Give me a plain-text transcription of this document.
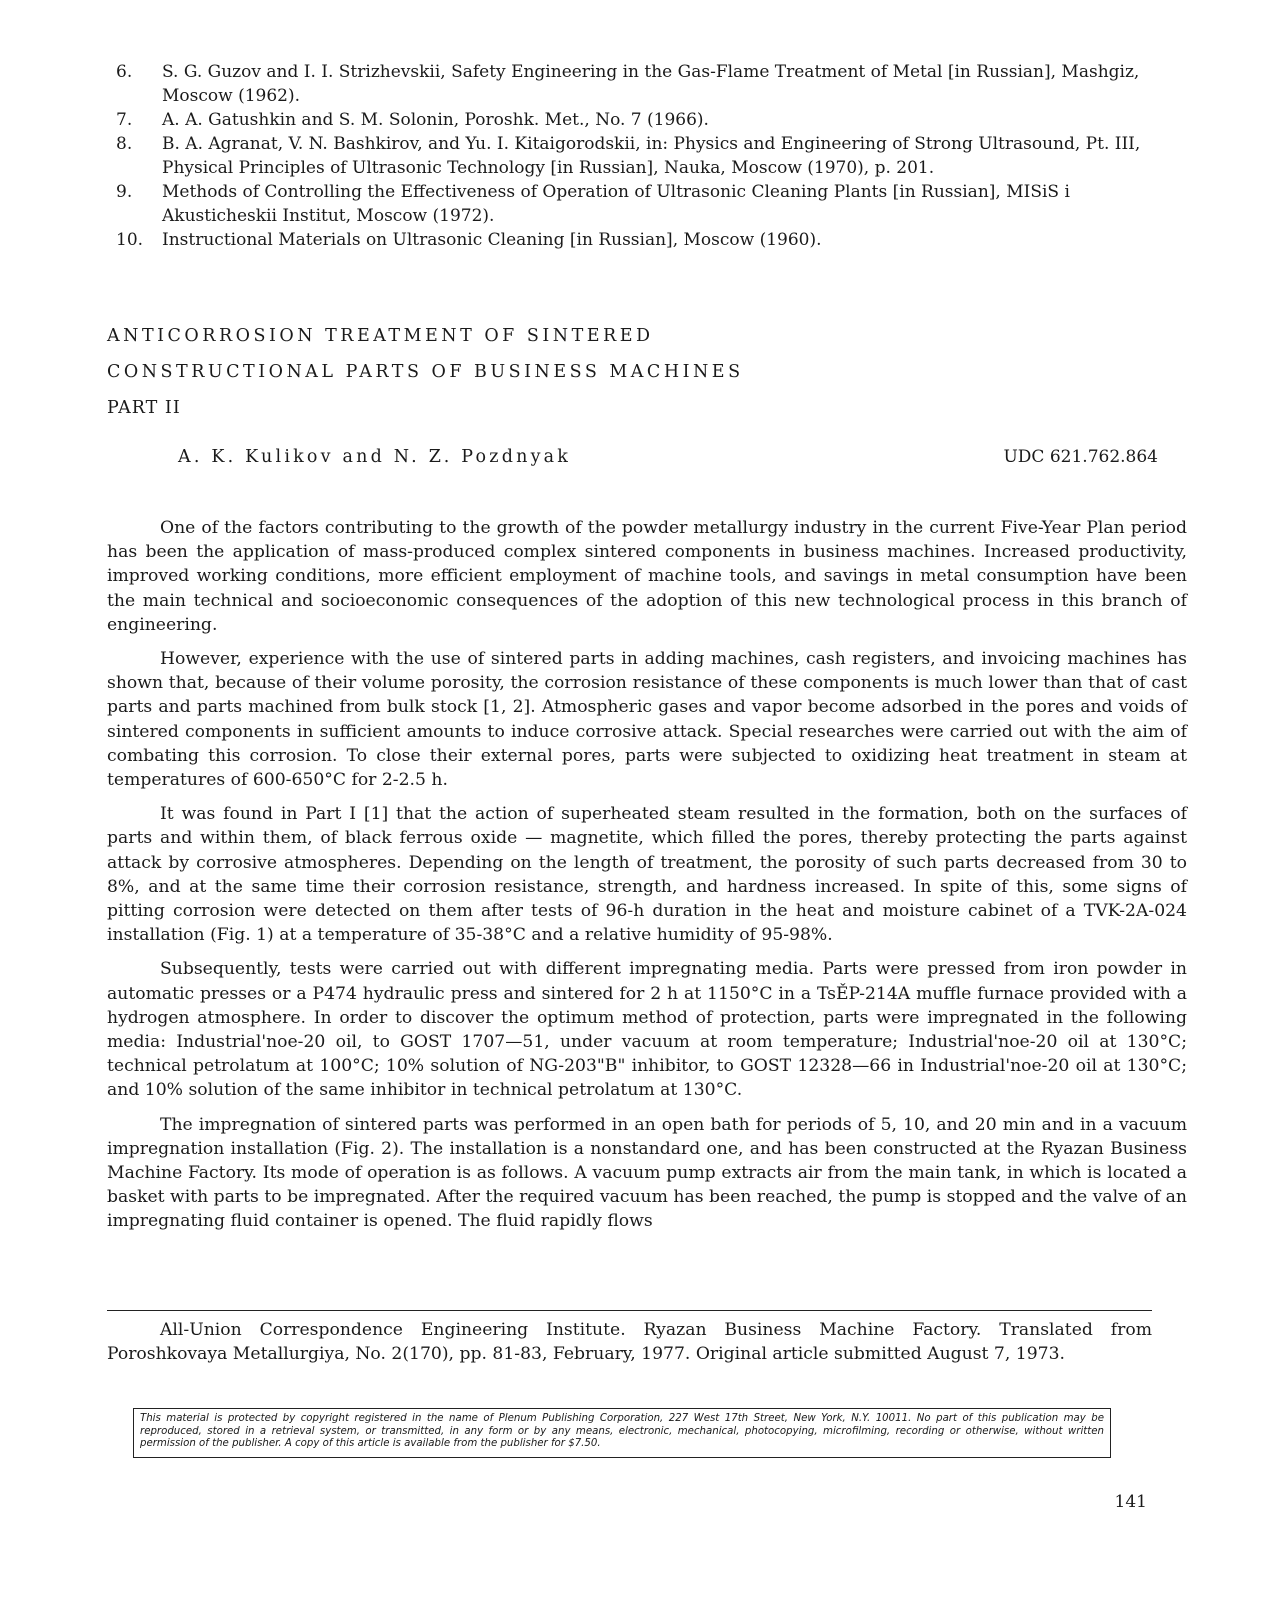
6.	S. G. Guzov and I. I. Strizhevskii, Safety Engineering in the Gas-Flame Treatment of Metal [in Russian], Mashgiz, Moscow (1962).
7.	A. A. Gatushkin and S. M. Solonin, Poroshk. Met., No. 7 (1966).
8.	B. A. Agranat, V. N. Bashkirov, and Yu. I. Kitaigorodskii, in: Physics and Engineering of Strong Ultrasound, Pt. III, Physical Principles of Ultrasonic Technology [in Russian], Nauka, Moscow (1970), p. 201.
9.	Methods of Controlling the Effectiveness of Operation of Ultrasonic Cleaning Plants [in Russian], MISiS i Akusticheskii Institut, Moscow (1972).
10.	Instructional Materials on Ultrasonic Cleaning [in Russian], Moscow (1960).
ANTICORROSION TREATMENT OF SINTERED
CONSTRUCTIONAL PARTS OF BUSINESS MACHINES
PART II
A. K. Kulikov and N. Z. Pozdnyak	UDC 621.762.864

One of the factors contributing to the growth of the powder metallurgy industry in the current Five-Year Plan period has been the application of mass-produced complex sintered components in business machines. Increased productivity, improved working conditions, more efficient employment of machine tools, and savings in metal consumption have been the main technical and socioeconomic consequences of the adoption of this new technological process in this branch of engineering.

However, experience with the use of sintered parts in adding machines, cash registers, and invoicing machines has shown that, because of their volume porosity, the corrosion resistance of these components is much lower than that of cast parts and parts machined from bulk stock [1, 2]. Atmospheric gases and vapor become adsorbed in the pores and voids of sintered components in sufficient amounts to induce corrosive attack. Special researches were carried out with the aim of combating this corrosion. To close their external pores, parts were subjected to oxidizing heat treatment in steam at temperatures of 600-650°C for 2-2.5 h.

It was found in Part I [1] that the action of superheated steam resulted in the formation, both on the surfaces of parts and within them, of black ferrous oxide — magnetite, which filled the pores, thereby protecting the parts against attack by corrosive atmospheres. Depending on the length of treatment, the porosity of such parts decreased from 30 to 8%, and at the same time their corrosion resistance, strength, and hardness increased. In spite of this, some signs of pitting corrosion were detected on them after tests of 96-h duration in the heat and moisture cabinet of a TVK-2A-024 installation (Fig. 1) at a temperature of 35-38°C and a relative humidity of 95-98%.

Subsequently, tests were carried out with different impregnating media. Parts were pressed from iron powder in automatic presses or a P474 hydraulic press and sintered for 2 h at 1150°C in a TsĚP-214A muffle furnace provided with a hydrogen atmosphere. In order to discover the optimum method of protection, parts were impregnated in the following media: Industrial'noe-20 oil, to GOST 1707—51, under vacuum at room temperature; Industrial'noe-20 oil at 130°C; technical petrolatum at 100°C; 10% solution of NG-203"B" inhibitor, to GOST 12328—66 in Industrial'noe-20 oil at 130°C; and 10% solution of the same inhibitor in technical petrolatum at 130°C.

The impregnation of sintered parts was performed in an open bath for periods of 5, 10, and 20 min and in a vacuum impregnation installation (Fig. 2). The installation is a nonstandard one, and has been constructed at the Ryazan Business Machine Factory. Its mode of operation is as follows. A vacuum pump extracts air from the main tank, in which is located a basket with parts to be impregnated. After the required vacuum has been reached, the pump is stopped and the valve of an impregnating fluid container is opened. The fluid rapidly flows

All-Union Correspondence Engineering Institute. Ryazan Business Machine Factory. Translated from Poroshkovaya Metallurgiya, No. 2(170), pp. 81-83, February, 1977. Original article submitted August 7, 1973.

This material is protected by copyright registered in the name of Plenum Publishing Corporation, 227 West 17th Street, New York, N.Y. 10011. No part of this publication may be reproduced, stored in a retrieval system, or transmitted, in any form or by any means, electronic, mechanical, photocopying, microfilming, recording or otherwise, without written permission of the publisher. A copy of this article is available from the publisher for $7.50.
141
